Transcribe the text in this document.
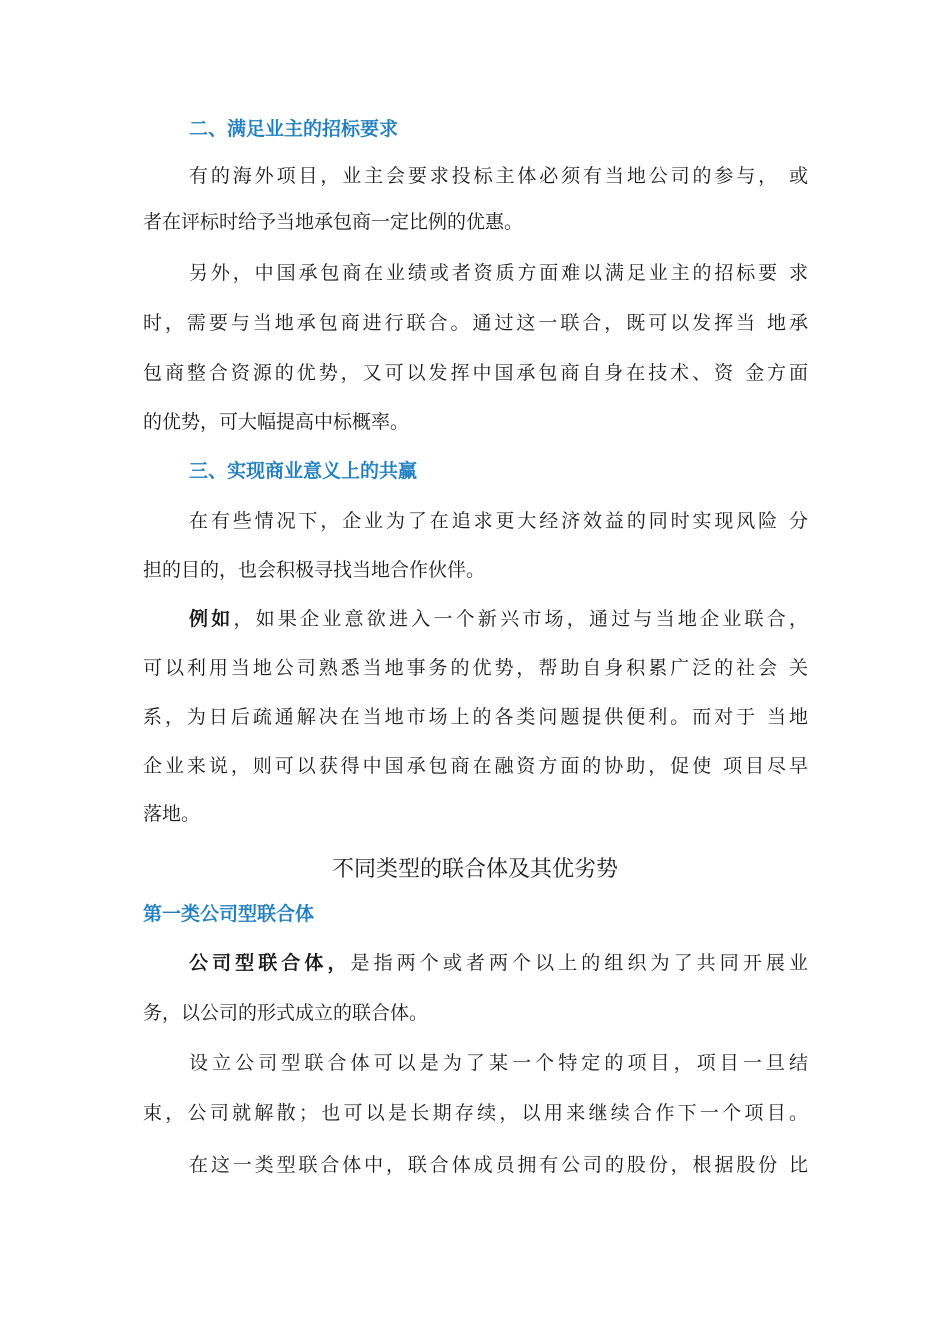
二、满足业主的招标要求
有的海外项目，业主会要求投标主体必须有当地公司的参与， 或
者在评标时给予当地承包商一定比例的优惠。
另外，中国承包商在业绩或者资质方面难以满足业主的招标要 求
时，需要与当地承包商进行联合。通过这一联合，既可以发挥当 地承
包商整合资源的优势，又可以发挥中国承包商自身在技术、资 金方面
的优势，可大幅提高中标概率。
三、实现商业意义上的共赢
在有些情况下，企业为了在追求更大经济效益的同时实现风险 分
担的目的，也会积极寻找当地合作伙伴。
例如，如果企业意欲进入一个新兴市场，通过与当地企业联合，
可以利用当地公司熟悉当地事务的优势，帮助自身积累广泛的社会 关
系，为日后疏通解决在当地市场上的各类问题提供便利。而对于 当地
企业来说，则可以获得中国承包商在融资方面的协助，促使 项目尽早
落地。
不同类型的联合体及其优劣势
第一类公司型联合体
公司型联合体，是指两个或者两个以上的组织为了共同开展业
务，以公司的形式成立的联合体。
设立公司型联合体可以是为了某一个特定的项目，项目一旦结
束，公司就解散；也可以是长期存续，以用来继续合作下一个项目。
在这一类型联合体中，联合体成员拥有公司的股份，根据股份 比
